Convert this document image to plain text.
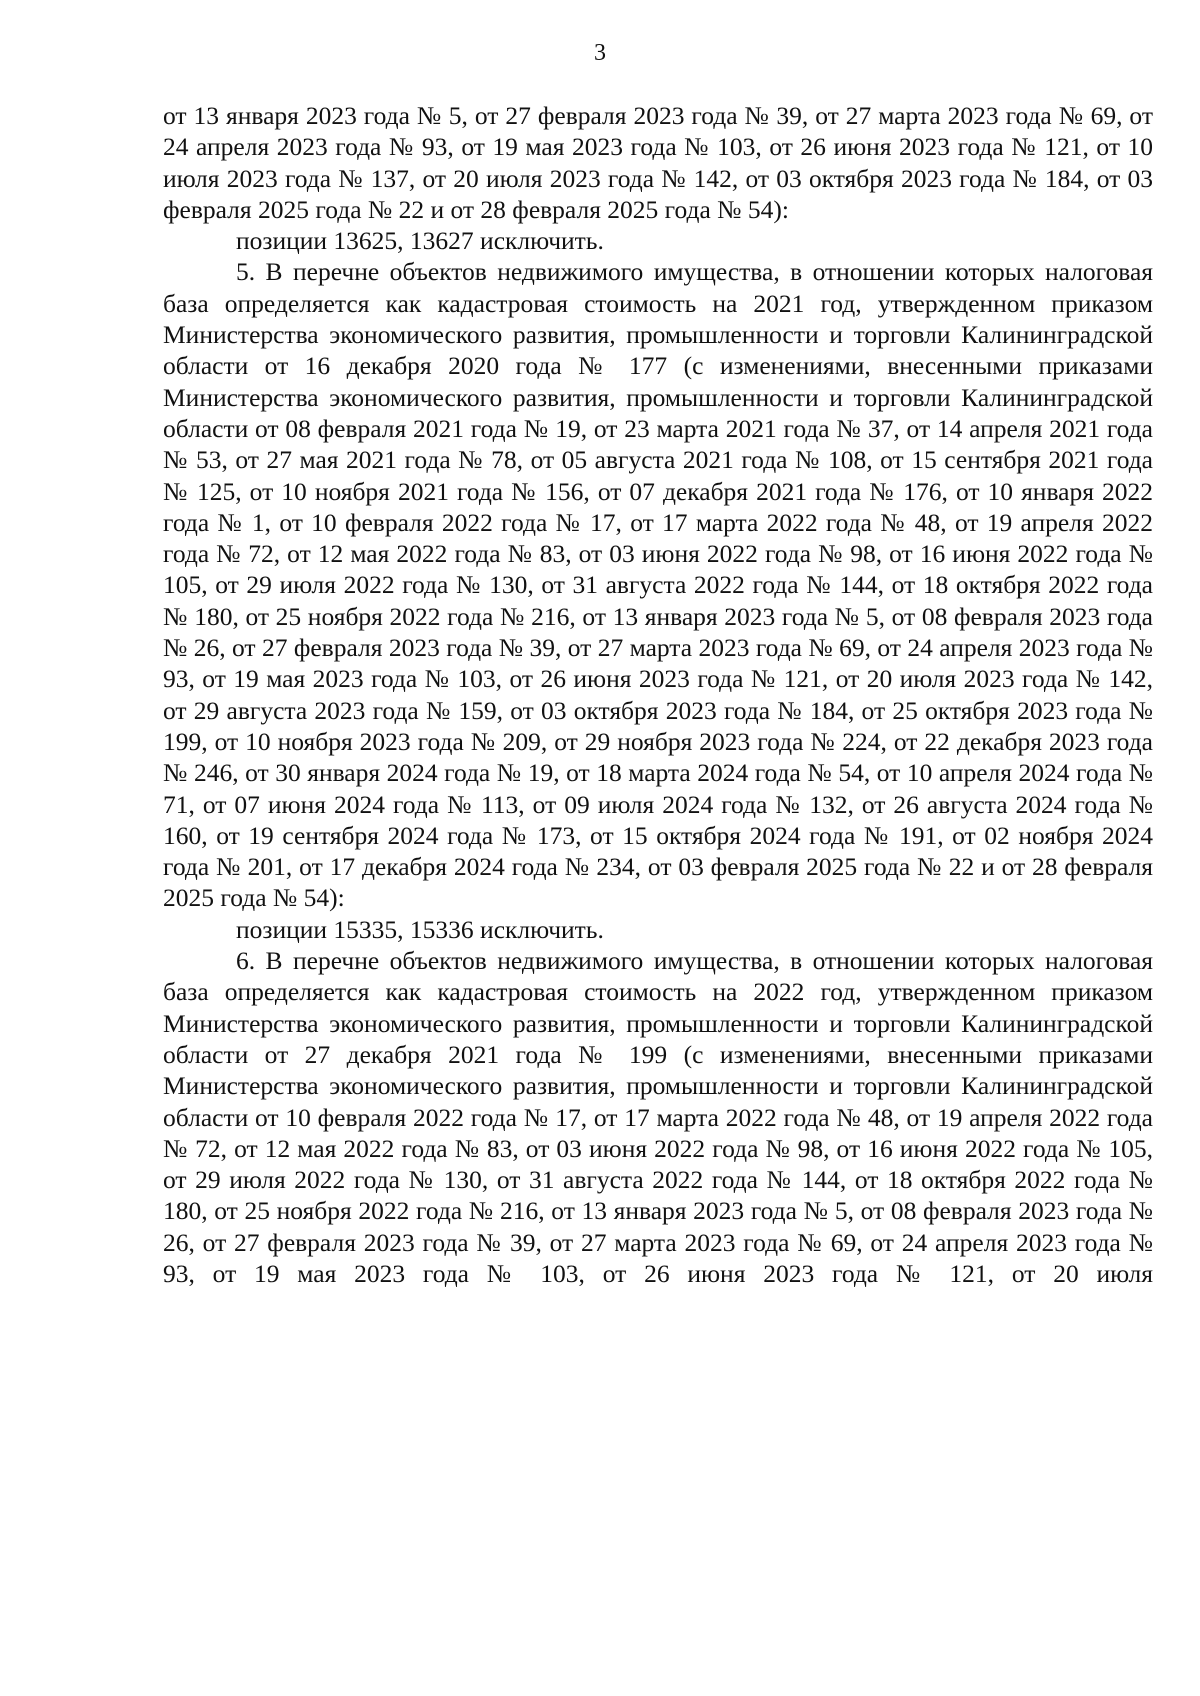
3

от 13 января 2023 года № 5, от 27 февраля 2023 года № 39, от 27 марта 2023 года № 69, от 24 апреля 2023 года № 93, от 19 мая 2023 года № 103, от 26 июня 2023 года № 121, от 10 июля 2023 года № 137, от 20 июля 2023 года № 142, от 03 октября 2023 года № 184, от 03 февраля 2025 года № 22 и от 28 февраля 2025 года № 54):

позиции 13625, 13627 исключить.

5. В перечне объектов недвижимого имущества, в отношении которых налоговая база определяется как кадастровая стоимость на 2021 год, утвержденном приказом Министерства экономического развития, промышленности и торговли Калининградской области от 16 декабря 2020 года № 177 (с изменениями, внесенными приказами Министерства экономического развития, промышленности и торговли Калининградской области от 08 февраля 2021 года № 19, от 23 марта 2021 года № 37, от 14 апреля 2021 года № 53, от 27 мая 2021 года № 78, от 05 августа 2021 года № 108, от 15 сентября 2021 года № 125, от 10 ноября 2021 года № 156, от 07 декабря 2021 года № 176, от 10 января 2022 года № 1, от 10 февраля 2022 года № 17, от 17 марта 2022 года № 48, от 19 апреля 2022 года № 72, от 12 мая 2022 года № 83, от 03 июня 2022 года № 98, от 16 июня 2022 года № 105, от 29 июля 2022 года № 130, от 31 августа 2022 года № 144, от 18 октября 2022 года № 180, от 25 ноября 2022 года № 216, от 13 января 2023 года № 5, от 08 февраля 2023 года № 26, от 27 февраля 2023 года № 39, от 27 марта 2023 года № 69, от 24 апреля 2023 года № 93, от 19 мая 2023 года № 103, от 26 июня 2023 года № 121, от 20 июля 2023 года № 142, от 29 августа 2023 года № 159, от 03 октября 2023 года № 184, от 25 октября 2023 года № 199, от 10 ноября 2023 года № 209, от 29 ноября 2023 года № 224, от 22 декабря 2023 года № 246, от 30 января 2024 года № 19, от 18 марта 2024 года № 54, от 10 апреля 2024 года № 71, от 07 июня 2024 года № 113, от 09 июля 2024 года № 132, от 26 августа 2024 года № 160, от 19 сентября 2024 года № 173, от 15 октября 2024 года № 191, от 02 ноября 2024 года № 201, от 17 декабря 2024 года № 234, от 03 февраля 2025 года № 22 и от 28 февраля 2025 года № 54):

позиции 15335, 15336 исключить.

6. В перечне объектов недвижимого имущества, в отношении которых налоговая база определяется как кадастровая стоимость на 2022 год, утвержденном приказом Министерства экономического развития, промышленности и торговли Калининградской области от 27 декабря 2021 года № 199 (с изменениями, внесенными приказами Министерства экономического развития, промышленности и торговли Калининградской области от 10 февраля 2022 года № 17, от 17 марта 2022 года № 48, от 19 апреля 2022 года № 72, от 12 мая 2022 года № 83, от 03 июня 2022 года № 98, от 16 июня 2022 года № 105, от 29 июля 2022 года № 130, от 31 августа 2022 года № 144, от 18 октября 2022 года № 180, от 25 ноября 2022 года № 216, от 13 января 2023 года № 5, от 08 февраля 2023 года № 26, от 27 февраля 2023 года № 39, от 27 марта 2023 года № 69, от 24 апреля 2023 года № 93, от 19 мая 2023 года № 103, от 26 июня 2023 года № 121, от 20 июля
